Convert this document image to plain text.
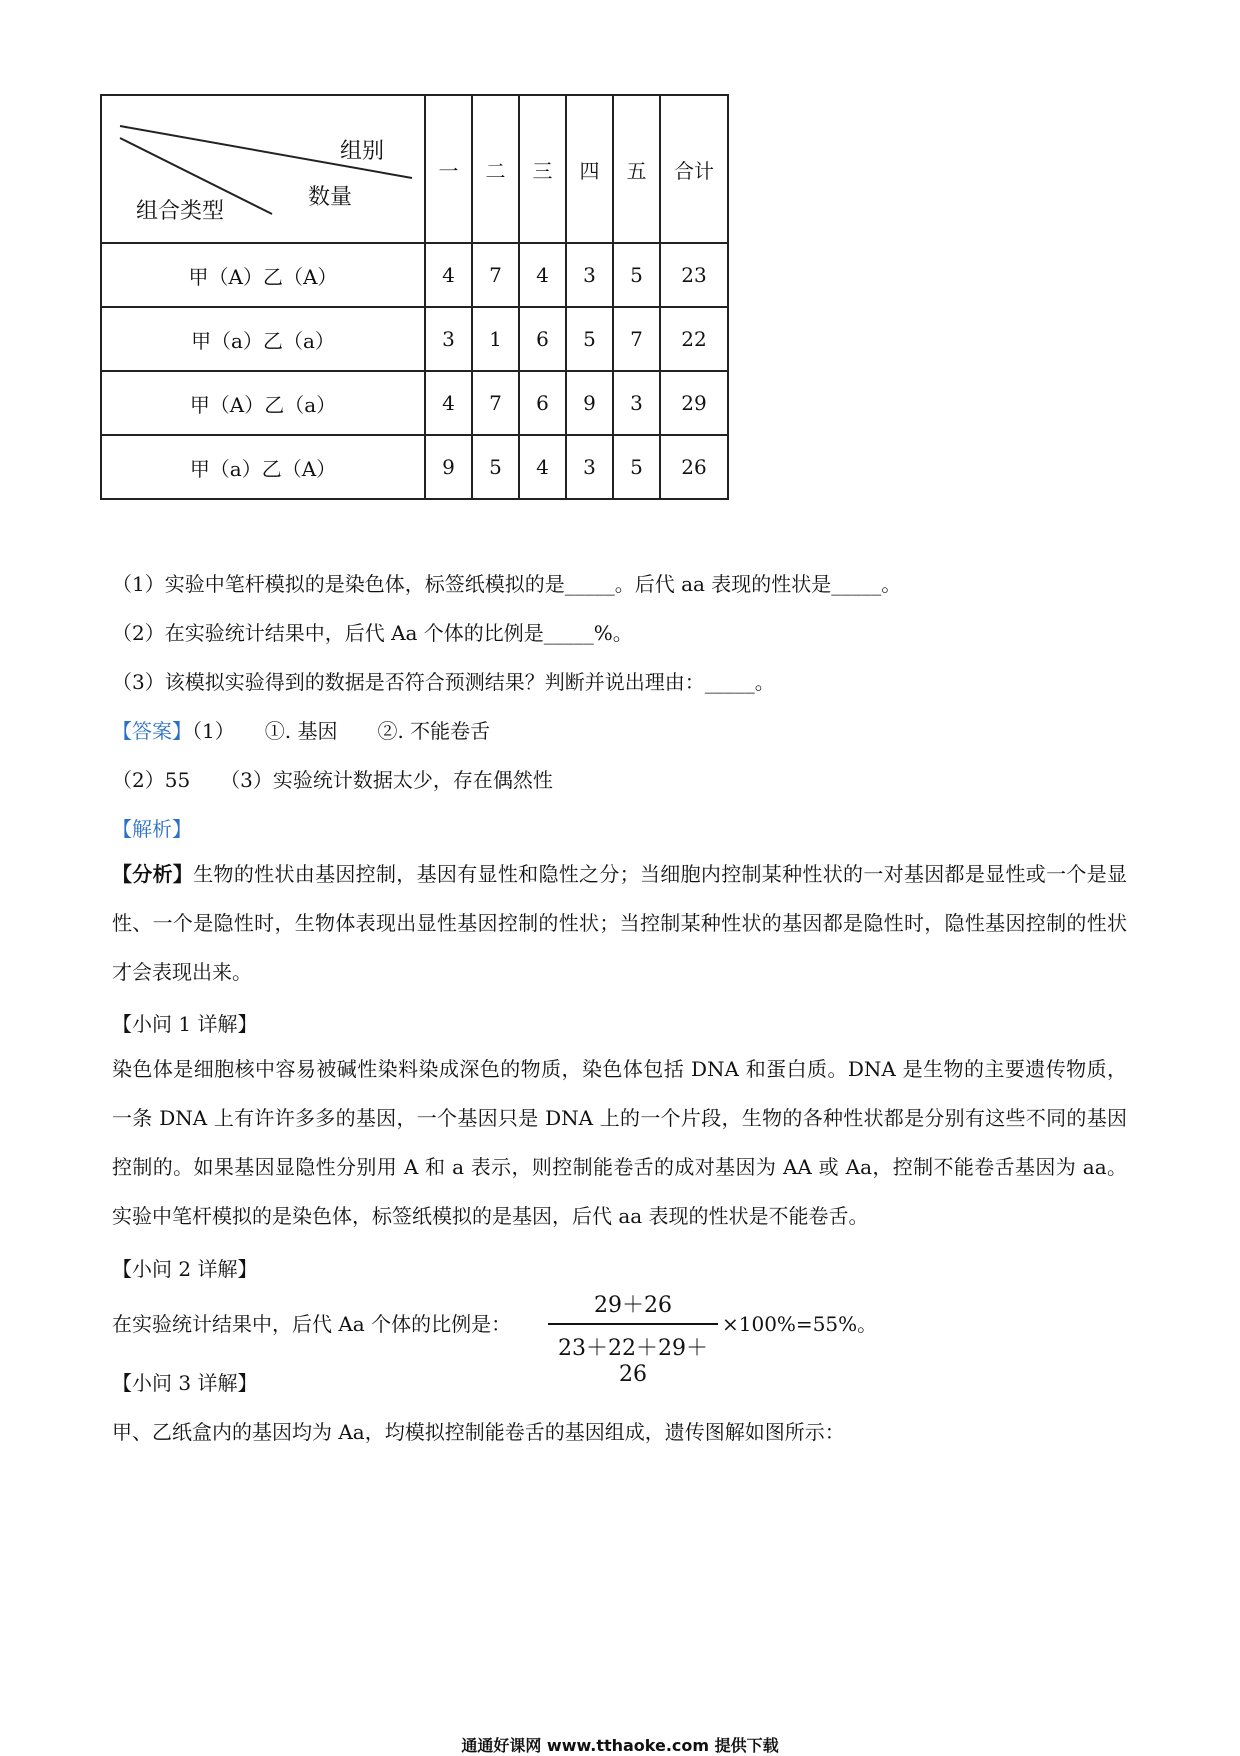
组别
数量
组合类型	一	二	三	四	五	合计
甲（A）乙（A）	4	7	4	3	5	23
甲（a）乙（a）	3	1	6	5	7	22
甲（A）乙（a）	4	7	6	9	3	29
甲（a）乙（A）	9	5	4	3	5	26
（1）实验中笔杆模拟的是染色体，标签纸模拟的是_____。后代 aa 表现的性状是_____。
（2）在实验统计结果中，后代 Aa 个体的比例是_____%。
（3）该模拟实验得到的数据是否符合预测结果？判断并说出理由：_____。
【答案】（1）　　①. 基因　　②. 不能卷舌
（2）55　　（3）实验统计数据太少，存在偶然性
【解析】
【分析】生物的性状由基因控制，基因有显性和隐性之分；当细胞内控制某种性状的一对基因都是显性或一个是显性、一个是隐性时，生物体表现出显性基因控制的性状；当控制某种性状的基因都是隐性时，隐性基因控制的性状才会表现出来。
【小问 1 详解】
染色体是细胞核中容易被碱性染料染成深色的物质，染色体包括 DNA 和蛋白质。DNA 是生物的主要遗传物质，一条 DNA 上有许许多多的基因，一个基因只是 DNA 上的一个片段，生物的各种性状都是分别有这些不同的基因控制的。如果基因显隐性分别用 A 和 a 表示，则控制能卷舌的成对基因为 AA 或 Aa，控制不能卷舌基因为 aa。实验中笔杆模拟的是染色体，标签纸模拟的是基因，后代 aa 表现的性状是不能卷舌。
【小问 2 详解】
在实验统计结果中，后代 Aa 个体的比例是： $\frac{29+26}{23+22+29+26} \times 100\%=55\%$。
【小问 3 详解】
甲、乙纸盒内的基因均为 Aa，均模拟控制能卷舌的基因组成，遗传图解如图所示：
通通好课网 www.tthaoke.com 提供下载
